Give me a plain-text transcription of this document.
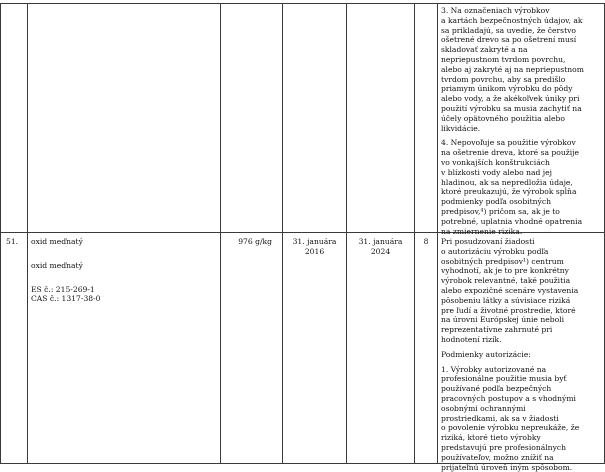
3. Na označeniach výrobkov
a kartách bezpečnostných údajov, ak
sa prikladajú, sa uvedie, že čerstvo
ošetrené drevo sa po ošetrení musí
skladovať zakryté a na
nepriepustnom tvrdom povrchu,
alebo aj zakryté aj na nepriepustnom
tvrdom povrchu, aby sa predišlo
priamym únikom výrobku do pôdy
alebo vody, a že akékoľvek úniky pri
použití výrobku sa musia zachytiť na
účely opätovného použitia alebo
likvidácie.
4. Nepovoľuje sa použitie výrobkov
na ošetrenie dreva, ktoré sa použije
vo vonkajších konštrukciách
v blízkosti vody alebo nad jej
hladinou, ak sa nepredložia údaje,
ktoré preukazujú, že výrobok spĺňa
podmienky podľa osobitných
predpisov,⁴) pričom sa, ak je to
potrebné, uplatnia vhodné opatrenia
na zmiernenie rizika.
51. oxid meďnatý
oxid meďnatý
ES č.: 215-269-1
CAS č.: 1317-38-0
976 g/kg	31. januára
2016
31. januára
2024
8	Pri posudzovaní žiadosti
o autorizáciu výrobku podľa
osobitných predpisov¹) centrum
vyhodnotí, ak je to pre konkrétny
výrobok relevantné, také použitia
alebo expozičné scenáre vystavenia
pôsobeniu látky a súvisiace riziká
pre ľudí a životné prostredie, ktoré
na úrovni Európskej únie neboli
reprezentatívne zahrnuté pri
hodnotení rizík.
Podmienky autorizácie:
1. Výrobky autorizované na
profesionálne použitie musia byť
používané podľa bezpečných
pracovných postupov a s vhodnými
osobnými ochrannými
prostriedkami, ak sa v žiadosti
o povolenie výrobku nepreukáže, že
riziká, ktoré tieto výrobky
predstavujú pre profesionálnych
používateľov, možno znížiť na
prijateľnú úroveň iným spôsobom.
